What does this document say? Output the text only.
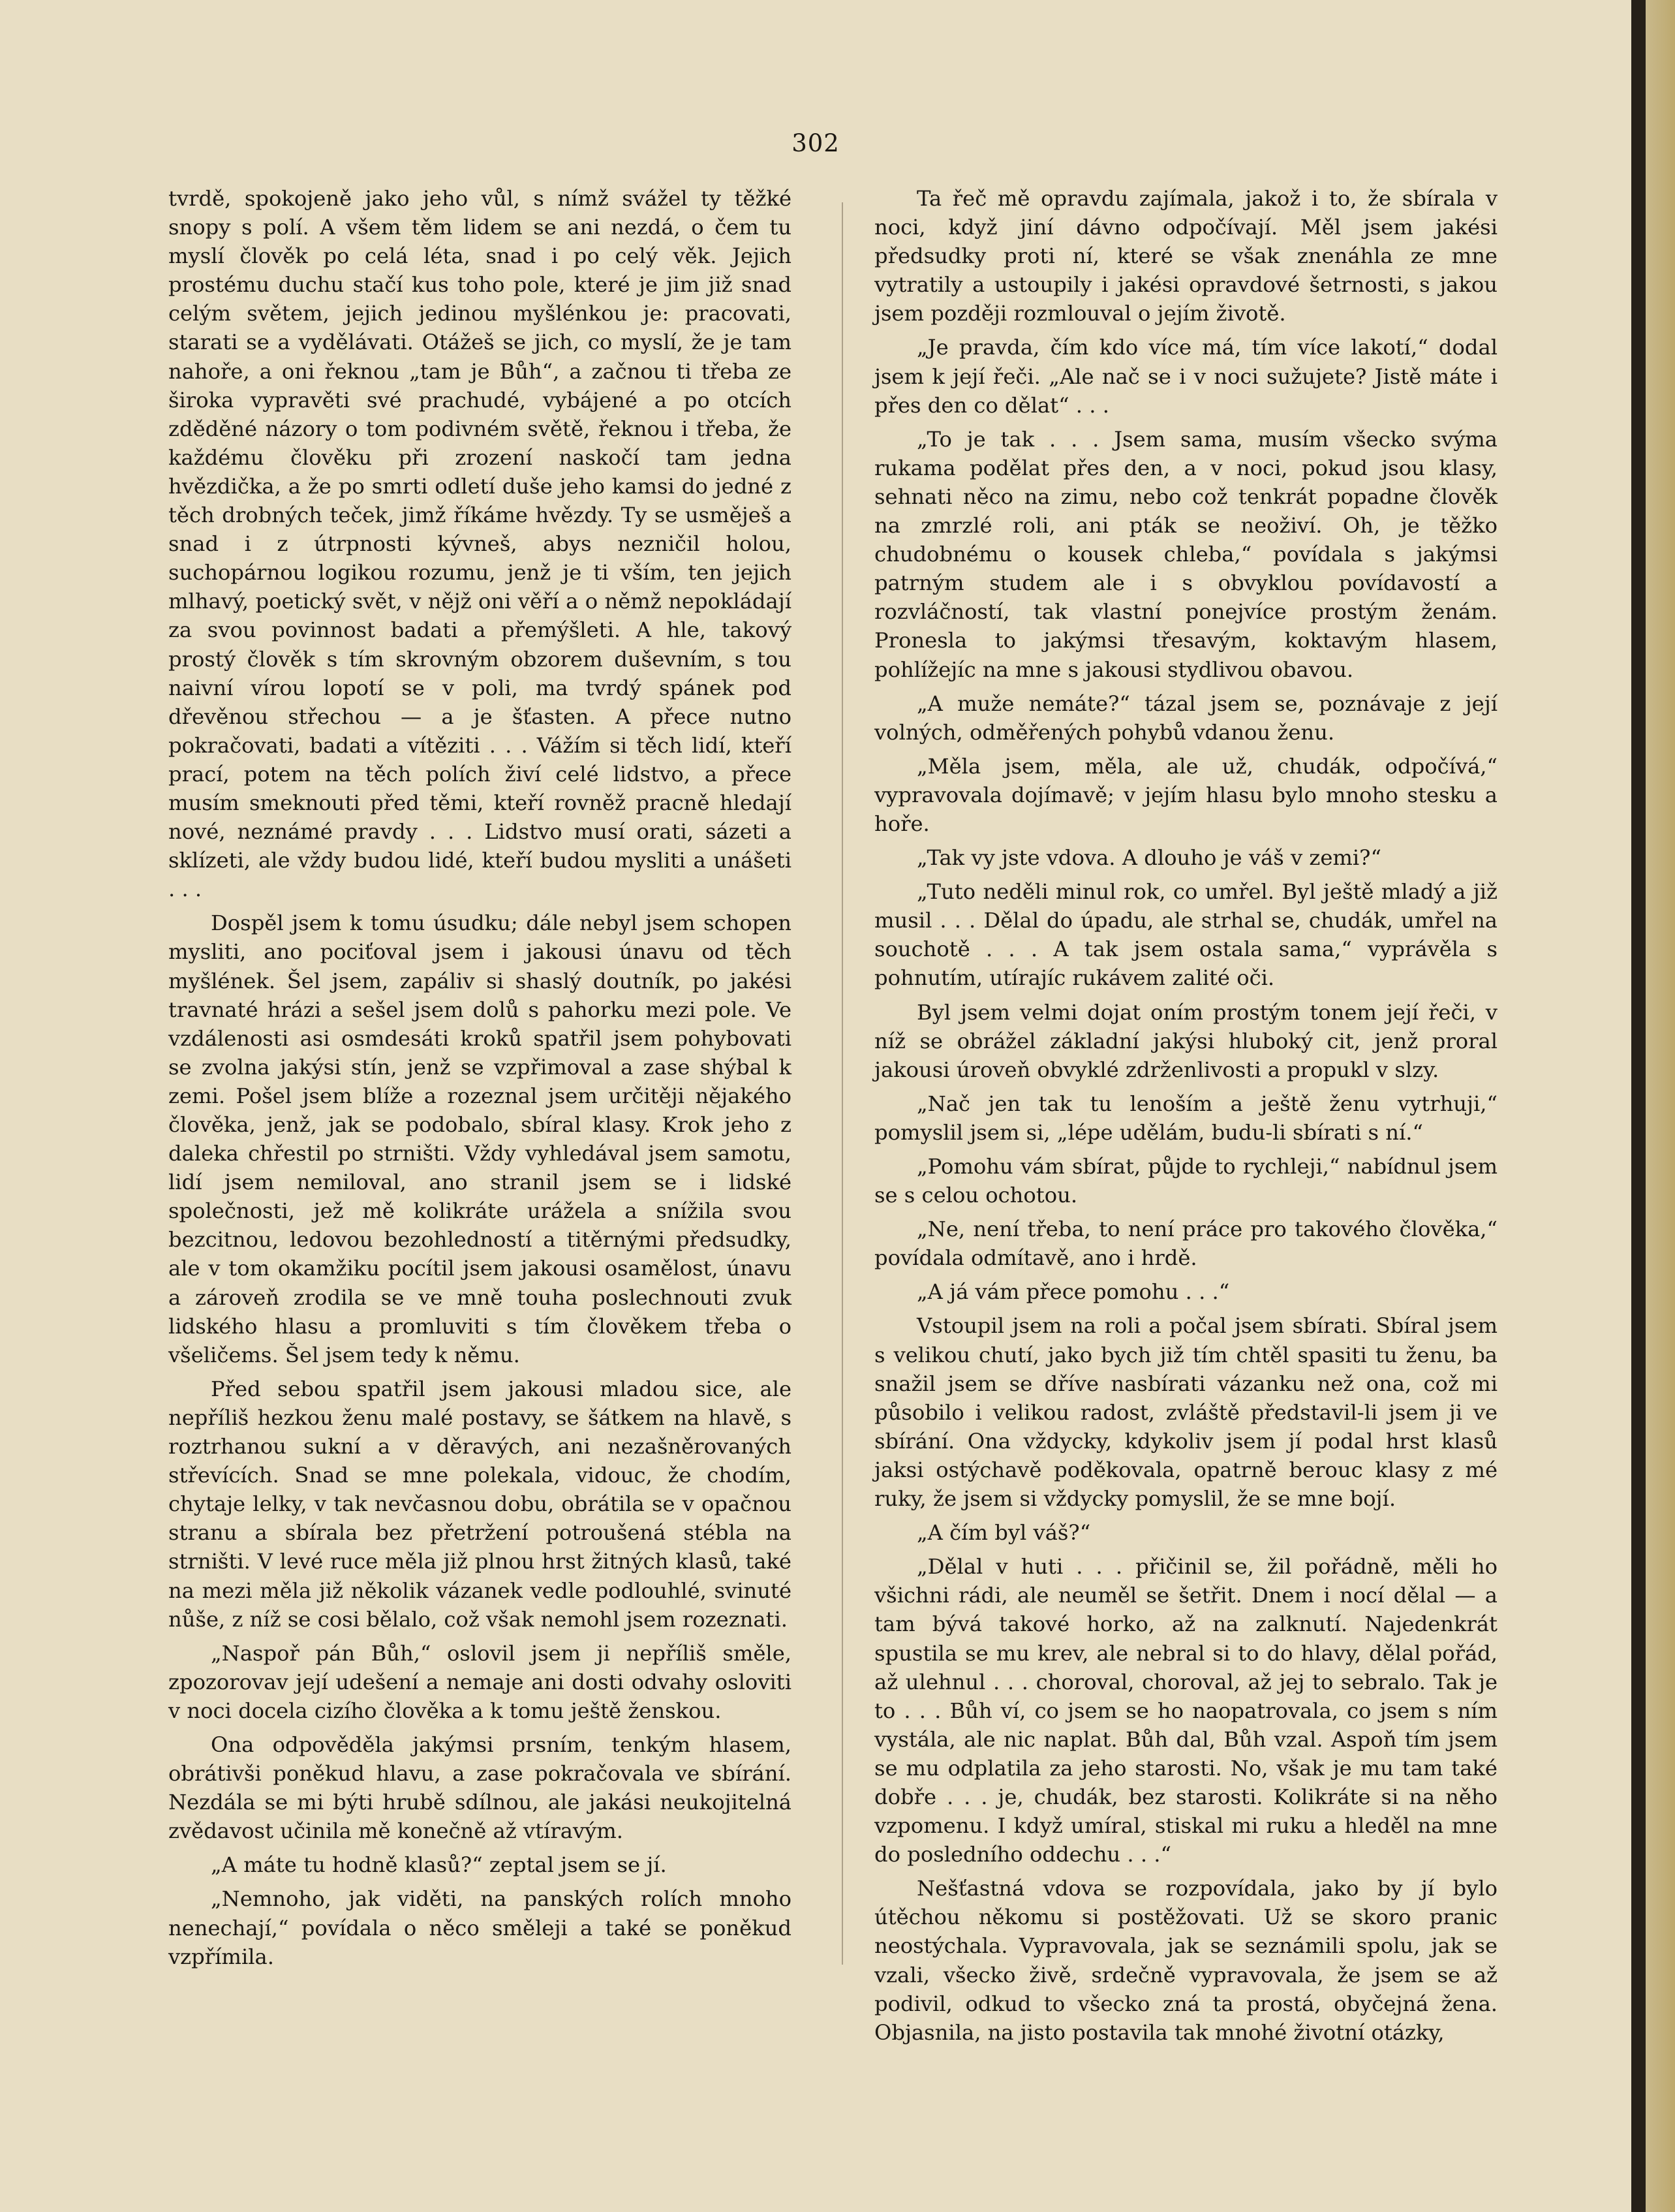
302

tvrdě, spokojeně jako jeho vůl, s nímž svážel ty těžké snopy s polí. A všem těm lidem se ani nezdá, o čem tu myslí člověk po celá léta, snad i po celý věk. Jejich prostému duchu stačí kus toho pole, které je jim již snad celým světem, jejich jedinou myšlénkou je: pracovati, starati se a vydělávati. Otážeš se jich, co myslí, že je tam nahoře, a oni řeknou „tam je Bůh“, a začnou ti třeba ze široka vypravěti své prachudé, vybájené a po otcích zděděné názory o tom podivném světě, řeknou i třeba, že každému člověku při zrození naskočí tam jedna hvězdička, a že po smrti odletí duše jeho kamsi do jedné z těch drobných teček, jimž říkáme hvězdy. Ty se usměješ a snad i z útrpnosti kývneš, abys nezničil holou, suchopárnou logikou rozumu, jenž je ti vším, ten jejich mlhavý, poetický svět, v nějž oni věří a o němž nepokládají za svou povinnost badati a přemýšleti. A hle, takový prostý člověk s tím skrovným obzorem duševním, s tou naivní vírou lopotí se v poli, ma tvrdý spánek pod dřevěnou střechou — a je šťasten. A přece nutno pokračovati, badati a vítěziti . . . Vážím si těch lidí, kteří prací, potem na těch polích živí celé lidstvo, a přece musím smeknouti před těmi, kteří rovněž pracně hledají nové, neznámé pravdy . . . Lidstvo musí orati, sázeti a sklízeti, ale vždy budou lidé, kteří budou mysliti a unášeti . . .

Dospěl jsem k tomu úsudku; dále nebyl jsem schopen mysliti, ano pociťoval jsem i jakousi únavu od těch myšlének. Šel jsem, zapáliv si shaslý doutník, po jakési travnaté hrázi a sešel jsem dolů s pahorku mezi pole. Ve vzdálenosti asi osmdesáti kroků spatřil jsem pohybovati se zvolna jakýsi stín, jenž se vzpřimoval a zase shýbal k zemi. Pošel jsem blíže a rozeznal jsem určitěji nějakého člověka, jenž, jak se podobalo, sbíral klasy. Krok jeho z daleka chřestil po strništi. Vždy vyhledával jsem samotu, lidí jsem nemiloval, ano stranil jsem se i lidské společnosti, jež mě kolikráte urážela a snížila svou bezcitnou, ledovou bezohledností a titěrnými předsudky, ale v tom okamžiku pocítil jsem jakousi osamělost, únavu a zároveň zrodila se ve mně touha poslechnouti zvuk lidského hlasu a promluviti s tím člověkem třeba o všeličems. Šel jsem tedy k němu.

Před sebou spatřil jsem jakousi mladou sice, ale nepříliš hezkou ženu malé postavy, se šátkem na hlavě, s roztrhanou sukní a v děravých, ani nezašněrovaných střevících. Snad se mne polekala, vidouc, že chodím, chytaje lelky, v tak nevčasnou dobu, obrátila se v opačnou stranu a sbírala bez přetržení potroušená stébla na strništi. V levé ruce měla již plnou hrst žitných klasů, také na mezi měla již několik vázanek vedle podlouhlé, svinuté nůše, z níž se cosi bělalo, což však nemohl jsem rozeznati.

„Naspoř pán Bůh,“ oslovil jsem ji nepříliš směle, zpozorovav její udešení a nemaje ani dosti odvahy osloviti v noci docela cizího člověka a k tomu ještě ženskou.

Ona odpověděla jakýmsi prsním, tenkým hlasem, obrátivši poněkud hlavu, a zase pokračovala ve sbírání. Nezdála se mi býti hrubě sdílnou, ale jakási neukojitelná zvědavost učinila mě konečně až vtíravým.

„A máte tu hodně klasů?“ zeptal jsem se jí.

„Nemnoho, jak viděti, na panských rolích mnoho nenechají,“ povídala o něco směleji a také se poněkud vzpřímila.

Ta řeč mě opravdu zajímala, jakož i to, že sbírala v noci, když jiní dávno odpočívají. Měl jsem jakési předsudky proti ní, které se však znenáhla ze mne vytratily a ustoupily i jakési opravdové šetrnosti, s jakou jsem později rozmlouval o jejím životě.

„Je pravda, čím kdo více má, tím více lakotí,“ dodal jsem k její řeči. „Ale nač se i v noci sužujete? Jistě máte i přes den co dělat“ . . .

„To je tak . . . Jsem sama, musím všecko svýma rukama podělat přes den, a v noci, pokud jsou klasy, sehnati něco na zimu, nebo což tenkrát popadne člověk na zmrzlé roli, ani pták se neoživí. Oh, je těžko chudobnému o kousek chleba,“ povídala s jakýmsi patrným studem ale i s obvyklou povídavostí a rozvláčností, tak vlastní ponejvíce prostým ženám. Pronesla to jakýmsi třesavým, koktavým hlasem, pohlížejíc na mne s jakousi stydlivou obavou.

„A muže nemáte?“ tázal jsem se, poznávaje z její volných, odměřených pohybů vdanou ženu.

„Měla jsem, měla, ale už, chudák, odpočívá,“ vypravovala dojímavě; v jejím hlasu bylo mnoho stesku a hoře.

„Tak vy jste vdova. A dlouho je váš v zemi?“

„Tuto neděli minul rok, co umřel. Byl ještě mladý a již musil . . . Dělal do úpadu, ale strhal se, chudák, umřel na souchotě . . . A tak jsem ostala sama,“ vyprávěla s pohnutím, utírajíc rukávem zalité oči.

Byl jsem velmi dojat oním prostým tonem její řeči, v níž se obrážel základní jakýsi hluboký cit, jenž proral jakousi úroveň obvyklé zdrženlivosti a propukl v slzy.

„Nač jen tak tu lenoším a ještě ženu vytrhuji,“ pomyslil jsem si, „lépe udělám, budu-li sbírati s ní.“

„Pomohu vám sbírat, půjde to rychleji,“ nabídnul jsem se s celou ochotou.

„Ne, není třeba, to není práce pro takového člověka,“ povídala odmítavě, ano i hrdě.

„A já vám přece pomohu . . .“

Vstoupil jsem na roli a počal jsem sbírati. Sbíral jsem s velikou chutí, jako bych již tím chtěl spasiti tu ženu, ba snažil jsem se dříve nasbírati vázanku než ona, což mi působilo i velikou radost, zvláště představil-li jsem ji ve sbírání. Ona vždycky, kdykoliv jsem jí podal hrst klasů jaksi ostýchavě poděkovala, opatrně berouc klasy z mé ruky, že jsem si vždycky pomyslil, že se mne bojí.

„A čím byl váš?“

„Dělal v huti . . . přičinil se, žil pořádně, měli ho všichni rádi, ale neuměl se šetřit. Dnem i nocí dělal — a tam bývá takové horko, až na zalknutí. Najedenkrát spustila se mu krev, ale nebral si to do hlavy, dělal pořád, až ulehnul . . . choroval, choroval, až jej to sebralo. Tak je to . . . Bůh ví, co jsem se ho naopatrovala, co jsem s ním vystála, ale nic naplat. Bůh dal, Bůh vzal. Aspoň tím jsem se mu odplatila za jeho starosti. No, však je mu tam také dobře . . . je, chudák, bez starosti. Kolikráte si na něho vzpomenu. I když umíral, stiskal mi ruku a hleděl na mne do posledního oddechu . . .“

Nešťastná vdova se rozpovídala, jako by jí bylo útěchou někomu si postěžovati. Už se skoro pranic neostýchala. Vypravovala, jak se seznámili spolu, jak se vzali, všecko živě, srdečně vypravovala, že jsem se až podivil, odkud to všecko zná ta prostá, obyčejná žena. Objasnila, na jisto postavila tak mnohé životní otázky,
